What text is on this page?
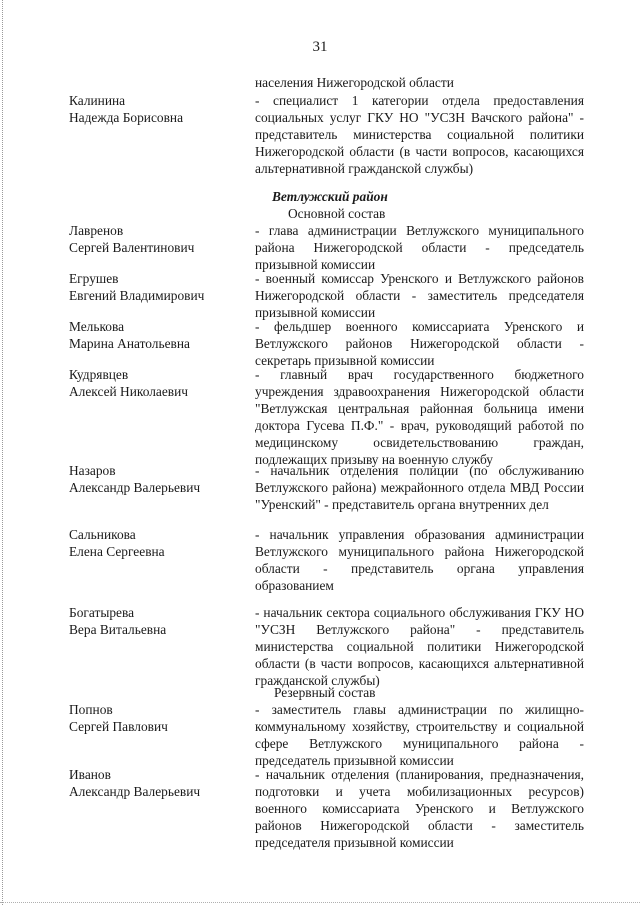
31
населения Нижегородской области
Калинина
Надежда Борисовна
- специалист 1 категории отдела предоставления социальных услуг ГКУ НО "УСЗН Вачского района" - представитель министерства социальной политики Нижегородской области (в части вопросов, касающихся альтернативной гражданской службы)
Ветлужский район
Основной состав
Лавренов
Сергей Валентинович
- глава администрации Ветлужского муниципального района Нижегородской области - председатель призывной комиссии
Егрушев
Евгений Владимирович
- военный комиссар Уренского и Ветлужского районов Нижегородской области - заместитель председателя призывной комиссии
Мелькова
Марина Анатольевна
- фельдшер военного комиссариата Уренского и Ветлужского районов Нижегородской области - секретарь призывной комиссии
Кудрявцев
Алексей Николаевич
- главный врач государственного бюджетного учреждения здравоохранения Нижегородской области "Ветлужская центральная районная больница имени доктора Гусева П.Ф." - врач, руководящий работой по медицинскому освидетельствованию граждан, подлежащих призыву на военную службу
Назаров
Александр Валерьевич
- начальник отделения полиции (по обслуживанию Ветлужского района) межрайонного отдела МВД России "Уренский" - представитель органа внутренних дел
Сальникова
Елена Сергеевна
- начальник управления образования администрации Ветлужского муниципального района Нижегородской области - представитель органа управления образованием
Богатырева
Вера Витальевна
- начальник сектора социального обслуживания ГКУ НО "УСЗН Ветлужского района" - представитель министерства социальной политики Нижегородской области (в части вопросов, касающихся альтернативной гражданской службы)
Резервный состав
Попнов
Сергей Павлович
- заместитель главы администрации по жилищно-коммунальному хозяйству, строительству и социальной сфере Ветлужского муниципального района - председатель призывной комиссии
Иванов
Александр Валерьевич
- начальник отделения (планирования, предназначения, подготовки и учета мобилизационных ресурсов) военного комиссариата Уренского и Ветлужского районов Нижегородской области - заместитель председателя призывной комиссии
